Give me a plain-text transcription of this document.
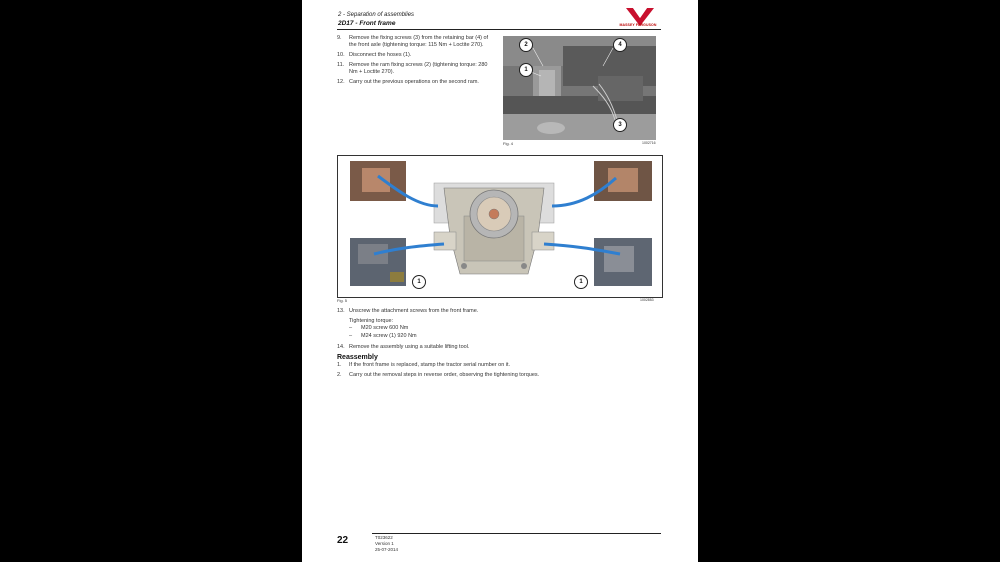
2 - Separation of assemblies
2D17 - Front frame	MASSEY FERGUSON
9.	Remove the fixing screws (3) from the retaining bar (4) of the front axle (tightening torque: 115 Nm + Loctite 270).
10. Disconnect the hoses (1).
11. Remove the ram fixing screws (2) (tightening torque: 280 Nm + Loctite 270).
12. Carry out the previous operations on the second ram.
2	4
1
3
Fig. 4	1002716
1	1
Fig. 5	1002853
13. Unscrew the attachment screws from the front frame.
Tightening torque:
–	M20 screw 600 Nm
–	M24 screw (1) 920 Nm
14. Remove the assembly using a suitable lifting tool.
Reassembly
1.	If the front frame is replaced, stamp the tractor serial number on it.
2.	Carry out the removal steps in reverse order, observing the tightening torques.
22	T023622
Version 1
25-07-2014
